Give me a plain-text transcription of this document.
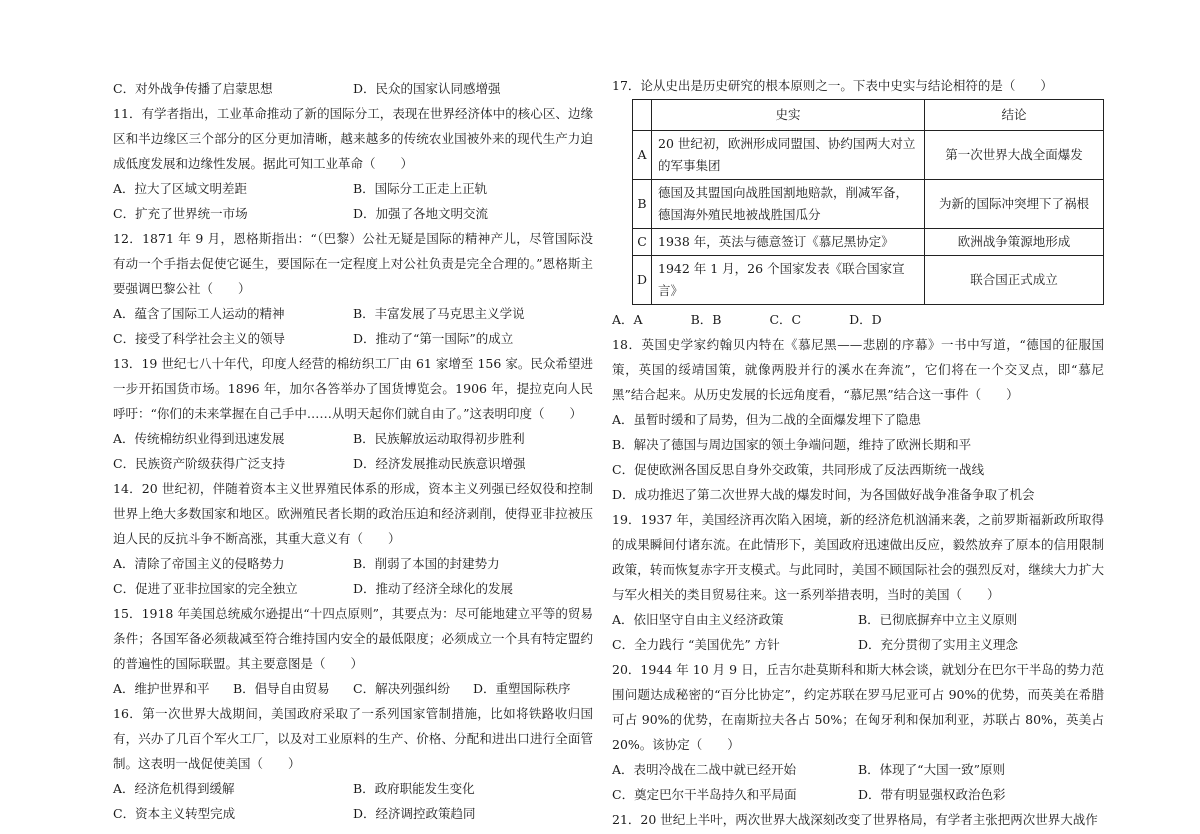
C．对外战争传播了启蒙思想	D．民众的国家认同感增强

11．有学者指出，工业革命推动了新的国际分工，表现在世界经济体中的核心区、边缘区和半边缘区三个部分的区分更加清晰，越来越多的传统农业国被外来的现代生产力迫成低度发展和边缘性发展。据此可知工业革命（　　）

A．拉大了区域文明差距	B．国际分工正走上正轨
C．扩充了世界统一市场	D．加强了各地文明交流

12．1871 年 9 月，恩格斯指出：“（巴黎）公社无疑是国际的精神产儿，尽管国际没有动一个手指去促使它诞生，要国际在一定程度上对公社负责是完全合理的。”恩格斯主要强调巴黎公社（　　）

A．蕴含了国际工人运动的精神	B．丰富发展了马克思主义学说
C．接受了科学社会主义的领导	D．推动了“第一国际”的成立

13．19 世纪七八十年代，印度人经营的棉纺织工厂由 61 家增至 156 家。民众希望进一步开拓国货市场。1896 年，加尔各答举办了国货博览会。1906 年，提拉克向人民呼吁：“你们的未来掌握在自己手中……从明天起你们就自由了。”这表明印度（　　）

A．传统棉纺织业得到迅速发展	B．民族解放运动取得初步胜利
C．民族资产阶级获得广泛支持	D．经济发展推动民族意识增强

14．20 世纪初，伴随着资本主义世界殖民体系的形成，资本主义列强已经奴役和控制世界上绝大多数国家和地区。欧洲殖民者长期的政治压迫和经济剥削，使得亚非拉被压迫人民的反抗斗争不断高涨，其重大意义有（　　）

A．清除了帝国主义的侵略势力	B．削弱了本国的封建势力
C．促进了亚非拉国家的完全独立	D．推动了经济全球化的发展

15．1918 年美国总统威尔逊提出“十四点原则”，其要点为：尽可能地建立平等的贸易条件；各国军备必须裁减至符合维持国内安全的最低限度；必须成立一个具有特定盟约的普遍性的国际联盟。其主要意图是（　　）

A．维护世界和平	B．倡导自由贸易	C．解决列强纠纷	D．重塑国际秩序

16．第一次世界大战期间，美国政府采取了一系列国家管制措施，比如将铁路收归国有，兴办了几百个军火工厂，以及对工业原料的生产、价格、分配和进出口进行全面管制。这表明一战促使美国（　　）

A．经济危机得到缓解	B．政府职能发生变化
C．资本主义转型完成	D．经济调控政策趋同

17．论从史出是历史研究的根本原则之一。下表中史实与结论相符的是（　　）

	史实	结论
A	20 世纪初，欧洲形成同盟国、协约国两大对立的军事集团	第一次世界大战全面爆发
B	德国及其盟国向战胜国割地赔款，削减军备，德国海外殖民地被战胜国瓜分	为新的国际冲突埋下了祸根
C	1938 年，英法与德意签订《慕尼黑协定》	欧洲战争策源地形成
D	1942 年 1 月，26 个国家发表《联合国家宣言》	联合国正式成立
A．A	B．B	C．C	D．D

18．英国史学家约翰贝内特在《慕尼黑——悲剧的序幕》一书中写道，“德国的征服国策，英国的绥靖国策，就像两股并行的溪水在奔流”，它们将在一个交叉点，即“慕尼黑”结合起来。从历史发展的长远角度看，“慕尼黑”结合这一事件（　　）

A．虽暂时缓和了局势，但为二战的全面爆发埋下了隐患
B．解决了德国与周边国家的领土争端问题，维持了欧洲长期和平
C．促使欧洲各国反思自身外交政策，共同形成了反法西斯统一战线
D．成功推迟了第二次世界大战的爆发时间，为各国做好战争准备争取了机会

19．1937 年，美国经济再次陷入困境，新的经济危机汹涌来袭，之前罗斯福新政所取得的成果瞬间付诸东流。在此情形下，美国政府迅速做出反应，毅然放弃了原本的信用限制政策，转而恢复赤字开支模式。与此同时，美国不顾国际社会的强烈反对，继续大力扩大与军火相关的类目贸易往来。这一系列举措表明，当时的美国（　　）

A．依旧坚守自由主义经济政策	B．已彻底摒弃中立主义原则
C．全力践行 “美国优先” 方针	D．充分贯彻了实用主义理念

20．1944 年 10 月 9 日，丘吉尔赴莫斯科和斯大林会谈，就划分在巴尔干半岛的势力范围问题达成秘密的“百分比协定”，约定苏联在罗马尼亚可占 90%的优势，而英美在希腊可占 90%的优势，在南斯拉夫各占 50%；在匈牙利和保加利亚，苏联占 80%，英美占 20%。该协定（　　）

A．表明冷战在二战中就已经开始	B．体现了“大国一致”原则
C．奠定巴尔干半岛持久和平局面	D．带有明显强权政治色彩

21．20 世纪上半叶，两次世界大战深刻改变了世界格局，有学者主张把两次世界大战作
